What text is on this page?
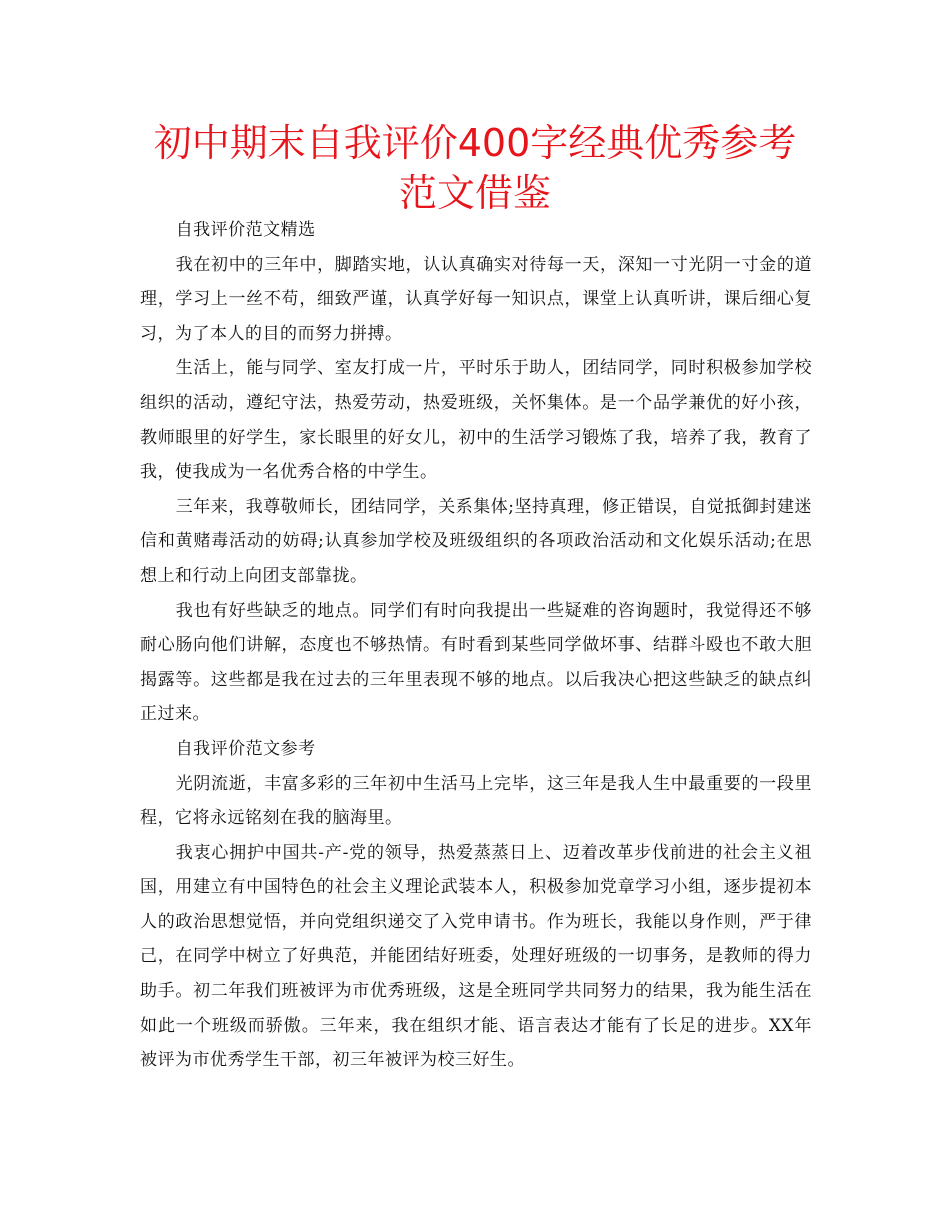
初中期末自我评价400字经典优秀参考范文借鉴

自我评价范文精选

我在初中的三年中，脚踏实地，认认真确实对待每一天，深知一寸光阴一寸金的道理，学习上一丝不苟，细致严谨，认真学好每一知识点，课堂上认真听讲，课后细心复习，为了本人的目的而努力拼搏。

生活上，能与同学、室友打成一片，平时乐于助人，团结同学，同时积极参加学校组织的活动，遵纪守法，热爱劳动，热爱班级，关怀集体。是一个品学兼优的好小孩，教师眼里的好学生，家长眼里的好女儿，初中的生活学习锻炼了我，培养了我，教育了我，使我成为一名优秀合格的中学生。

三年来，我尊敬师长，团结同学，关系集体;坚持真理，修正错误，自觉抵御封建迷信和黄赌毒活动的妨碍;认真参加学校及班级组织的各项政治活动和文化娱乐活动;在思想上和行动上向团支部靠拢。

我也有好些缺乏的地点。同学们有时向我提出一些疑难的咨询题时，我觉得还不够耐心肠向他们讲解，态度也不够热情。有时看到某些同学做坏事、结群斗殴也不敢大胆揭露等。这些都是我在过去的三年里表现不够的地点。以后我决心把这些缺乏的缺点纠正过来。

自我评价范文参考

光阴流逝，丰富多彩的三年初中生活马上完毕，这三年是我人生中最重要的一段里程，它将永远铭刻在我的脑海里。

我衷心拥护中国共-产-党的领导，热爱蒸蒸日上、迈着改革步伐前进的社会主义祖国，用建立有中国特色的社会主义理论武装本人，积极参加党章学习小组，逐步提初本人的政治思想觉悟，并向党组织递交了入党申请书。作为班长，我能以身作则，严于律己，在同学中树立了好典范，并能团结好班委，处理好班级的一切事务，是教师的得力助手。初二年我们班被评为市优秀班级，这是全班同学共同努力的结果，我为能生活在如此一个班级而骄傲。三年来，我在组织才能、语言表达才能有了长足的进步。XX年被评为市优秀学生干部，初三年被评为校三好生。
